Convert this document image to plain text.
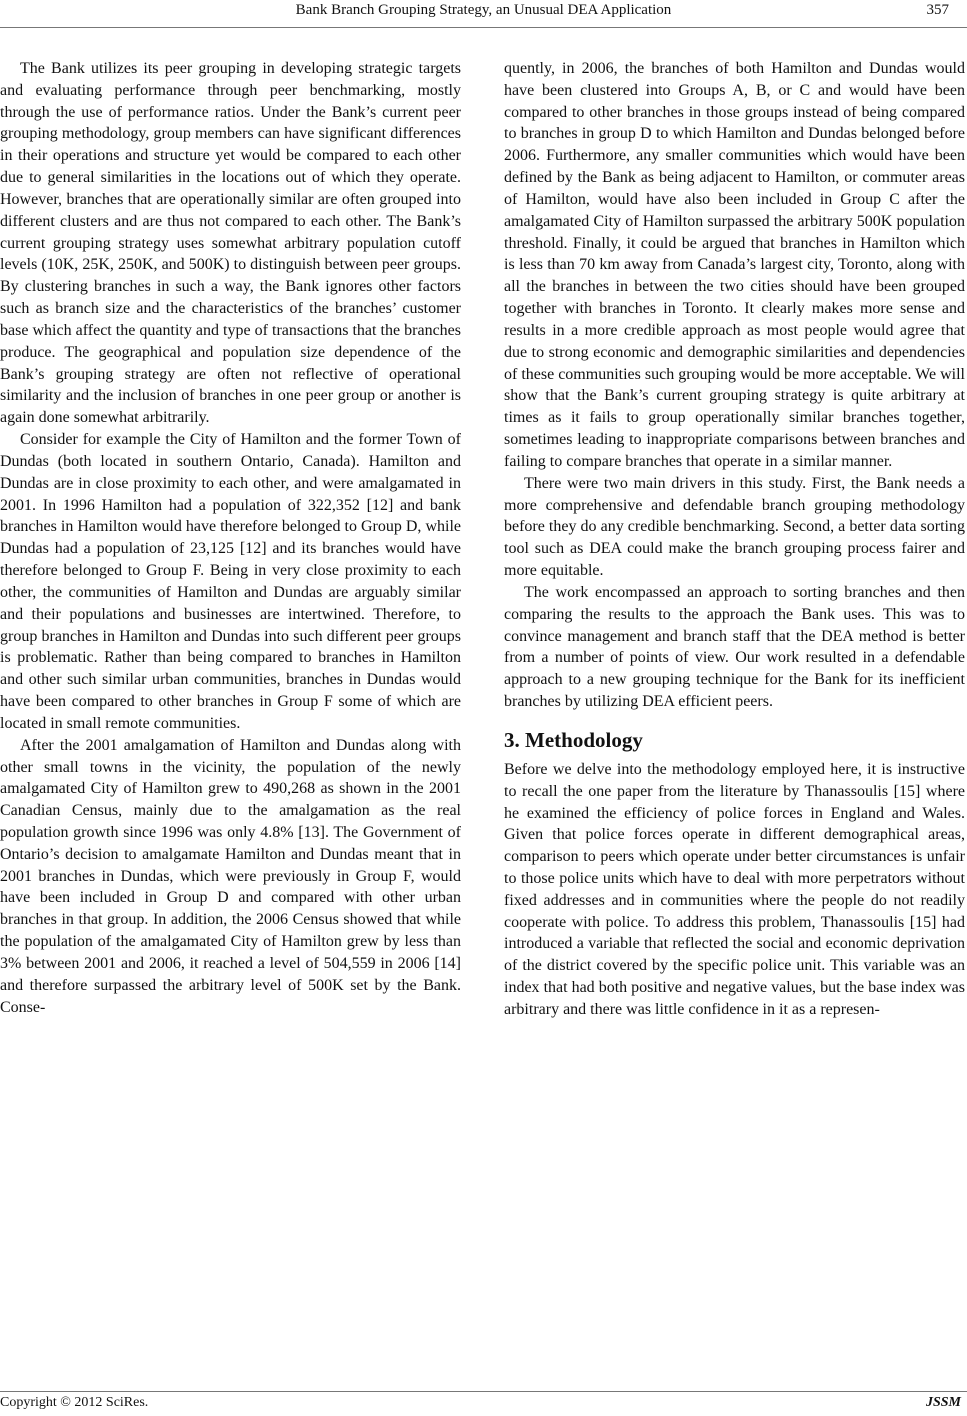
Bank Branch Grouping Strategy, an Unusual DEA Application	357

The Bank utilizes its peer grouping in developing strategic targets and evaluating performance through peer benchmarking, mostly through the use of performance ratios. Under the Bank’s current peer grouping methodology, group members can have significant differences in their operations and structure yet would be compared to each other due to general similarities in the locations out of which they operate. However, branches that are operationally similar are often grouped into different clusters and are thus not compared to each other. The Bank’s current grouping strategy uses somewhat arbitrary population cutoff levels (10K, 25K, 250K, and 500K) to distinguish between peer groups. By clustering branches in such a way, the Bank ignores other factors such as branch size and the characteristics of the branches’ customer base which affect the quantity and type of transactions that the branches produce. The geographical and population size dependence of the Bank’s grouping strategy are often not reflective of operational similarity and the inclusion of branches in one peer group or another is again done somewhat arbitrarily.

Consider for example the City of Hamilton and the former Town of Dundas (both located in southern Ontario, Canada). Hamilton and Dundas are in close proximity to each other, and were amalgamated in 2001. In 1996 Hamilton had a population of 322,352 [12] and bank branches in Hamilton would have therefore belonged to Group D, while Dundas had a population of 23,125 [12] and its branches would have therefore belonged to Group F. Being in very close proximity to each other, the communities of Hamilton and Dundas are arguably similar and their populations and businesses are intertwined. Therefore, to group branches in Hamilton and Dundas into such different peer groups is problematic. Rather than being compared to branches in Hamilton and other such similar urban communities, branches in Dundas would have been compared to other branches in Group F some of which are located in small remote communities.

After the 2001 amalgamation of Hamilton and Dundas along with other small towns in the vicinity, the population of the newly amalgamated City of Hamilton grew to 490,268 as shown in the 2001 Canadian Census, mainly due to the amalgamation as the real population growth since 1996 was only 4.8% [13]. The Government of Ontario’s decision to amalgamate Hamilton and Dundas meant that in 2001 branches in Dundas, which were previously in Group F, would have been included in Group D and compared with other urban branches in that group. In addition, the 2006 Census showed that while the population of the amalgamated City of Hamilton grew by less than 3% between 2001 and 2006, it reached a level of 504,559 in 2006 [14] and therefore surpassed the arbitrary level of 500K set by the Bank. Conse-

quently, in 2006, the branches of both Hamilton and Dundas would have been clustered into Groups A, B, or C and would have been compared to other branches in those groups instead of being compared to branches in group D to which Hamilton and Dundas belonged before 2006. Furthermore, any smaller communities which would have been defined by the Bank as being adjacent to Hamilton, or commuter areas of Hamilton, would have also been included in Group C after the amalgamated City of Hamilton surpassed the arbitrary 500K population threshold. Finally, it could be argued that branches in Hamilton which is less than 70 km away from Canada’s largest city, Toronto, along with all the branches in between the two cities should have been grouped together with branches in Toronto. It clearly makes more sense and results in a more credible approach as most people would agree that due to strong economic and demographic similarities and dependencies of these communities such grouping would be more acceptable. We will show that the Bank’s current grouping strategy is quite arbitrary at times as it fails to group operationally similar branches together, sometimes leading to inappropriate comparisons between branches and failing to compare branches that operate in a similar manner.

There were two main drivers in this study. First, the Bank needs a more comprehensive and defendable branch grouping methodology before they do any credible benchmarking. Second, a better data sorting tool such as DEA could make the branch grouping process fairer and more equitable.

The work encompassed an approach to sorting branches and then comparing the results to the approach the Bank uses. This was to convince management and branch staff that the DEA method is better from a number of points of view. Our work resulted in a defendable approach to a new grouping technique for the Bank for its inefficient branches by utilizing DEA efficient peers.

3. Methodology

Before we delve into the methodology employed here, it is instructive to recall the one paper from the literature by Thanassoulis [15] where he examined the efficiency of police forces in England and Wales. Given that police forces operate in different demographical areas, comparison to peers which operate under better circumstances is unfair to those police units which have to deal with more perpetrators without fixed addresses and in communities where the people do not readily cooperate with police. To address this problem, Thanassoulis [15] had introduced a variable that reflected the social and economic deprivation of the district covered by the specific police unit. This variable was an index that had both positive and negative values, but the base index was arbitrary and there was little confidence in it as a represen-

Copyright © 2012 SciRes.	JSSM
